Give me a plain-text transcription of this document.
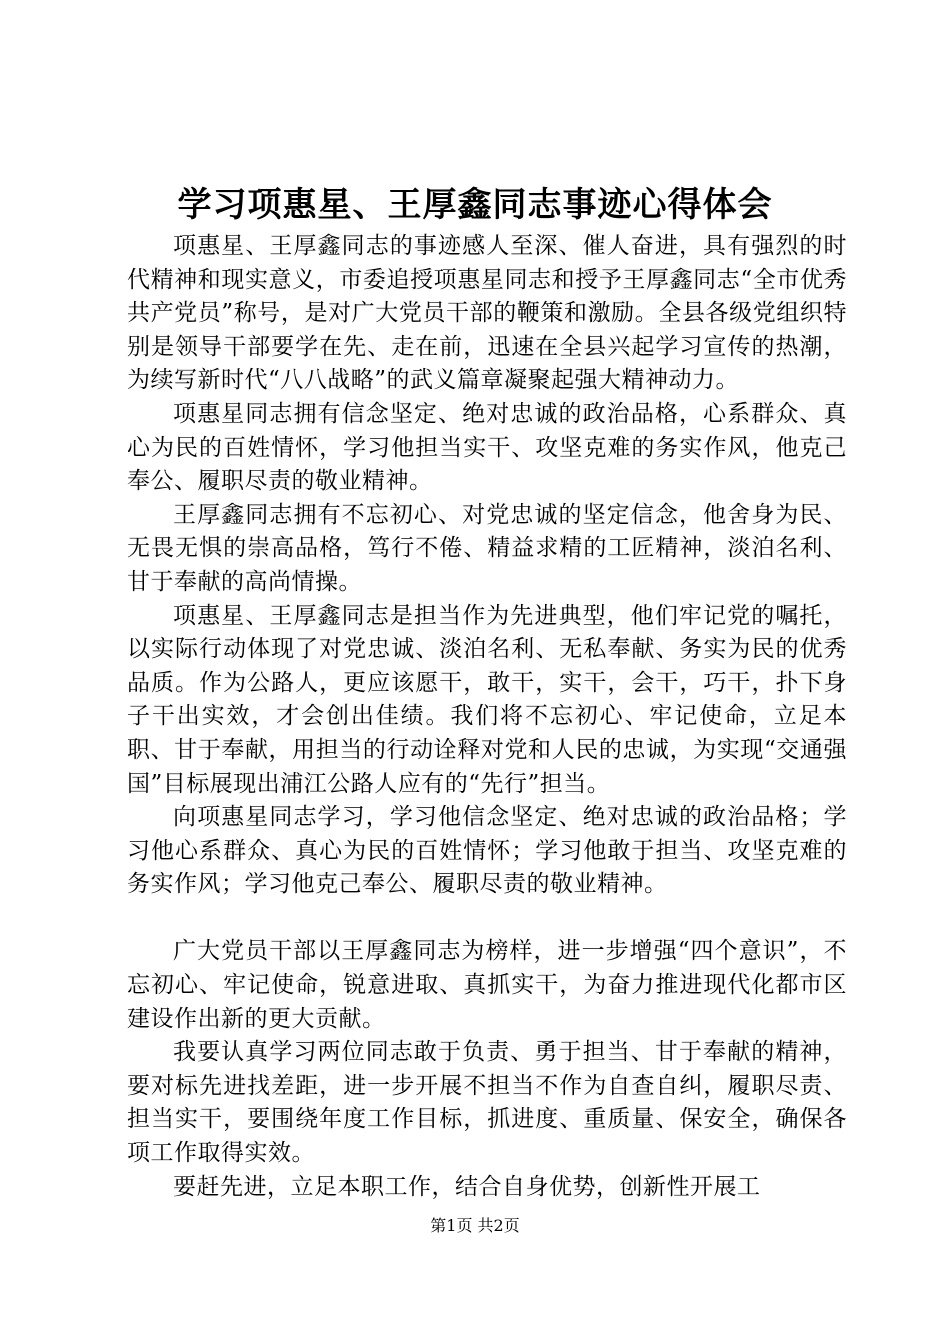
学习项惠星、王厚鑫同志事迹心得体会

项惠星、王厚鑫同志的事迹感人至深、催人奋进，具有强烈的时代精神和现实意义，市委追授项惠星同志和授予王厚鑫同志“全市优秀共产党员”称号，是对广大党员干部的鞭策和激励。全县各级党组织特别是领导干部要学在先、走在前，迅速在全县兴起学习宣传的热潮，为续写新时代“八八战略”的武义篇章凝聚起强大精神动力。

项惠星同志拥有信念坚定、绝对忠诚的政治品格，心系群众、真心为民的百姓情怀，学习他担当实干、攻坚克难的务实作风，他克己奉公、履职尽责的敬业精神。

王厚鑫同志拥有不忘初心、对党忠诚的坚定信念，他舍身为民、无畏无惧的崇高品格，笃行不倦、精益求精的工匠精神，淡泊名利、甘于奉献的高尚情操。

项惠星、王厚鑫同志是担当作为先进典型，他们牢记党的嘱托，以实际行动体现了对党忠诚、淡泊名利、无私奉献、务实为民的优秀品质。作为公路人，更应该愿干，敢干，实干，会干，巧干，扑下身子干出实效，才会创出佳绩。我们将不忘初心、牢记使命，立足本职、甘于奉献，用担当的行动诠释对党和人民的忠诚，为实现“交通强国”目标展现出浦江公路人应有的“先行”担当。

向项惠星同志学习，学习他信念坚定、绝对忠诚的政治品格；学习他心系群众、真心为民的百姓情怀；学习他敢于担当、攻坚克难的务实作风；学习他克己奉公、履职尽责的敬业精神。

广大党员干部以王厚鑫同志为榜样，进一步增强“四个意识”，不忘初心、牢记使命，锐意进取、真抓实干，为奋力推进现代化都市区建设作出新的更大贡献。

我要认真学习两位同志敢于负责、勇于担当、甘于奉献的精神，要对标先进找差距，进一步开展不担当不作为自查自纠，履职尽责、担当实干，要围绕年度工作目标，抓进度、重质量、保安全，确保各项工作取得实效。

要赶先进，立足本职工作，结合自身优势，创新性开展工

第1页 共2页
